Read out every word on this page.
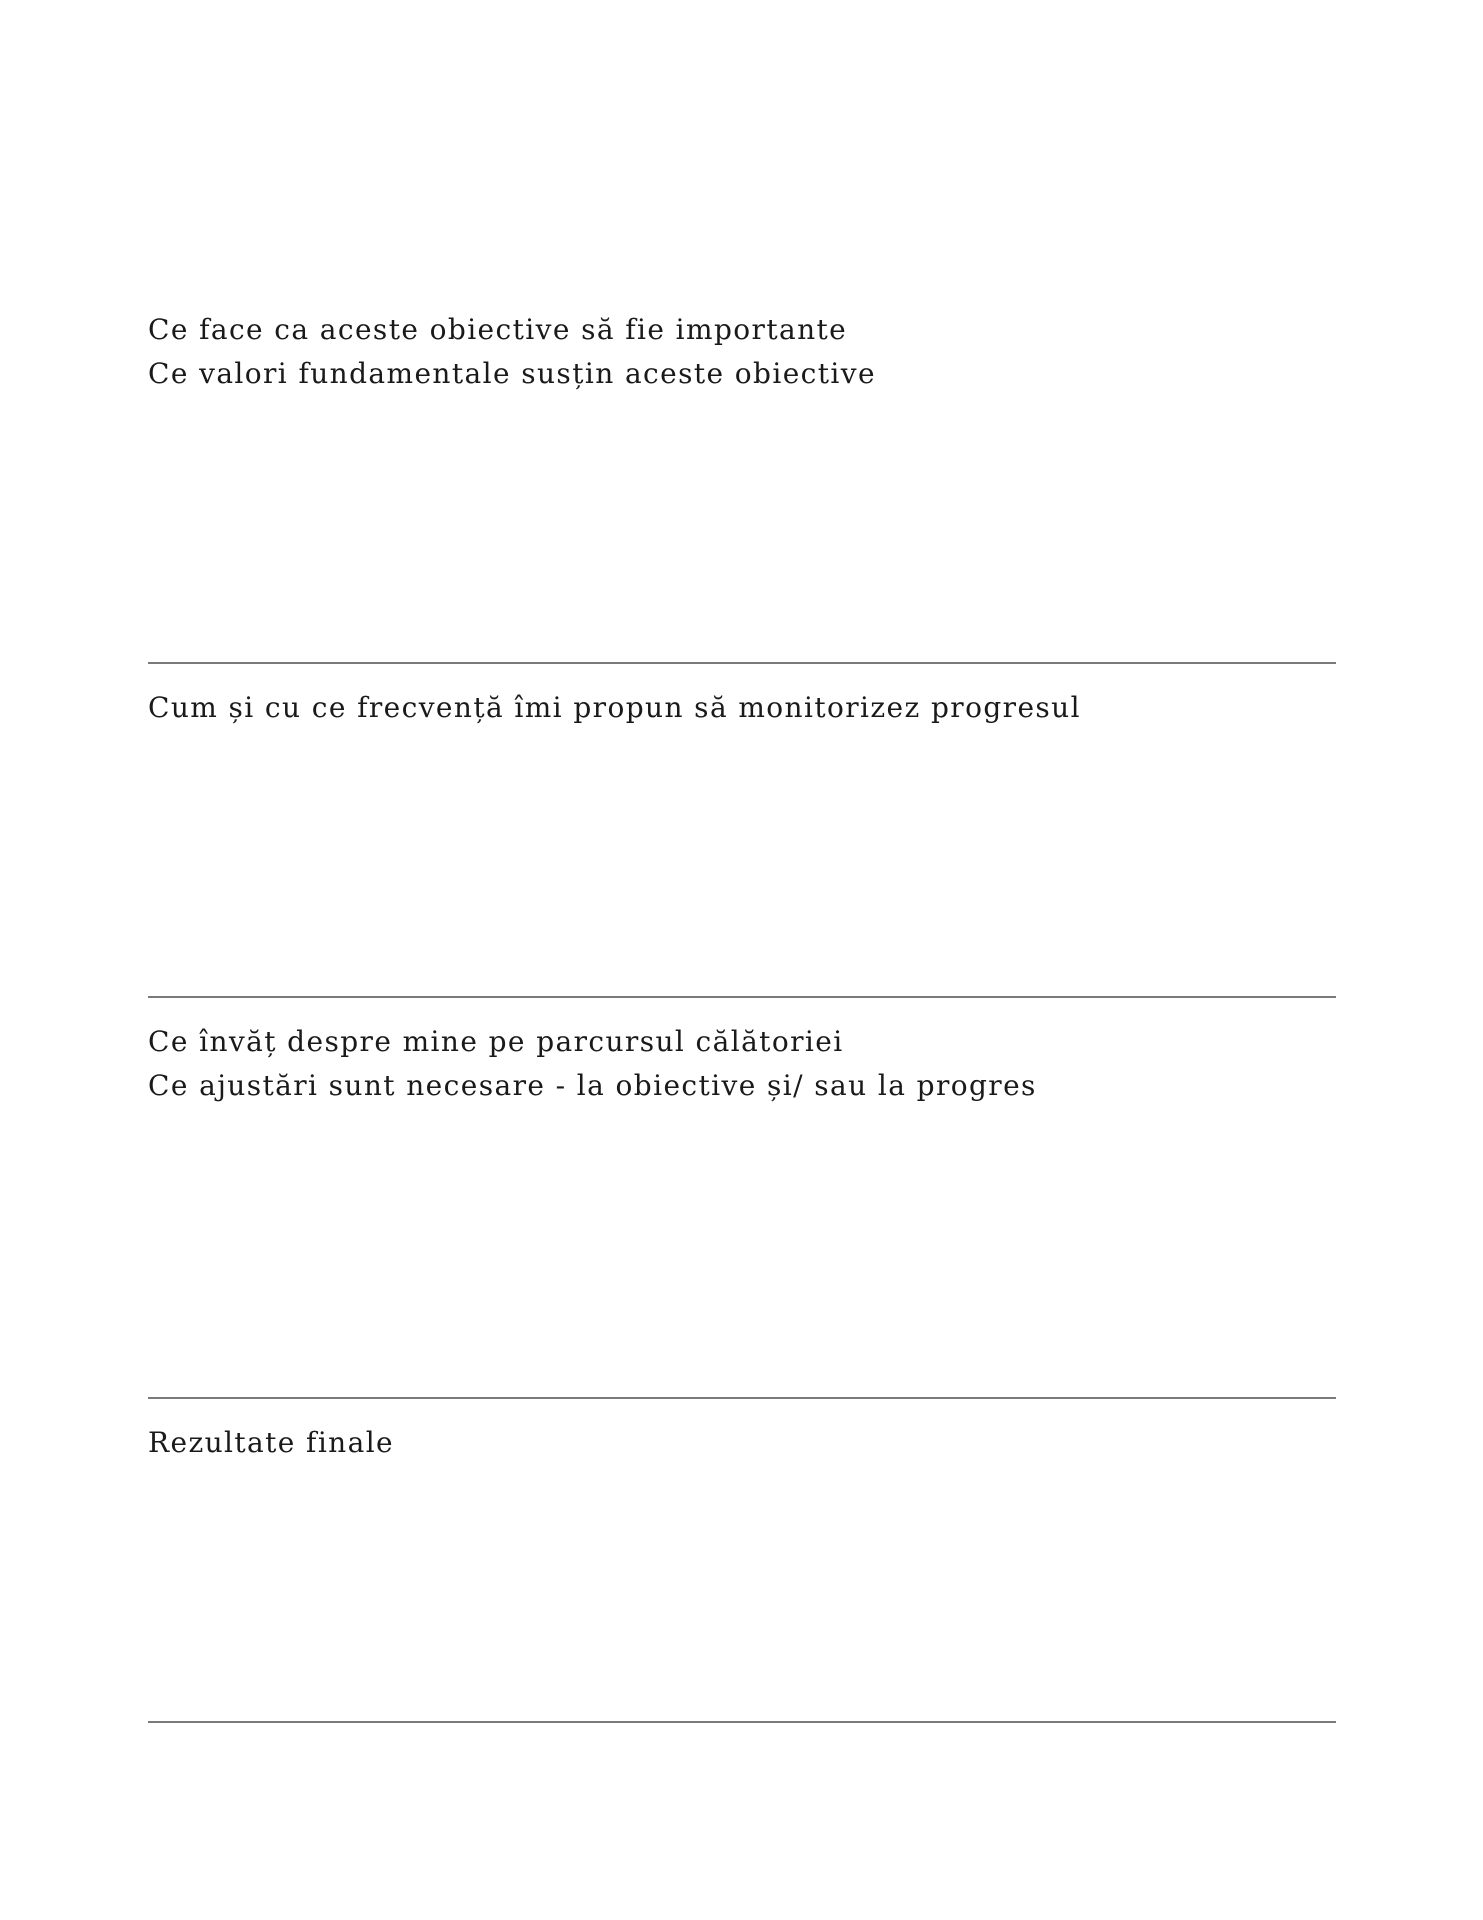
Ce face ca aceste obiective să fie importante

Ce valori fundamentale susțin aceste obiective

Cum și cu ce frecvență îmi propun să monitorizez progresul

Ce învăț despre mine pe parcursul călătoriei

Ce ajustări sunt necesare - la obiective și/ sau la progres

Rezultate finale
